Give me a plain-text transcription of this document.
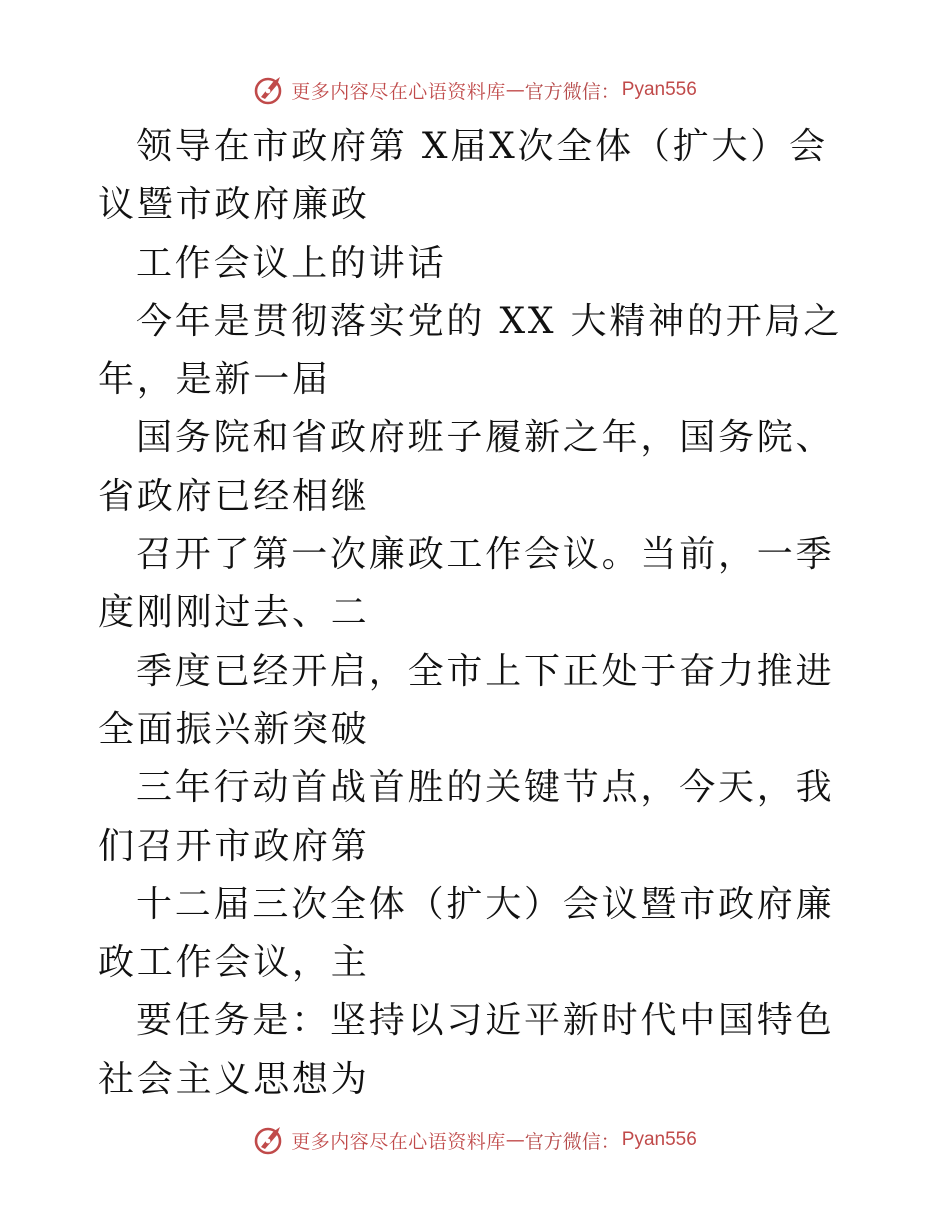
更多内容尽在心语资料库 — 官方微信 ： Pyan556

领导在市政府第 X届X次全体（扩大）会议暨市政府廉政

工作会议上的讲话

今年是贯彻落实党的 XX 大精神的开局之年，是新一届

国务院和省政府班子履新之年，国务院、省政府已经相继

召开了第一次廉政工作会议。当前，一季度刚刚过去、二

季度已经开启，全市上下正处于奋力推进全面振兴新突破

三年行动首战首胜的关键节点，今天，我们召开市政府第

十二届三次全体（扩大）会议暨市政府廉政工作会议，主

要任务是：坚持以习近平新时代中国特色社会主义思想为

更多内容尽在心语资料库 — 官方微信 ： Pyan556
